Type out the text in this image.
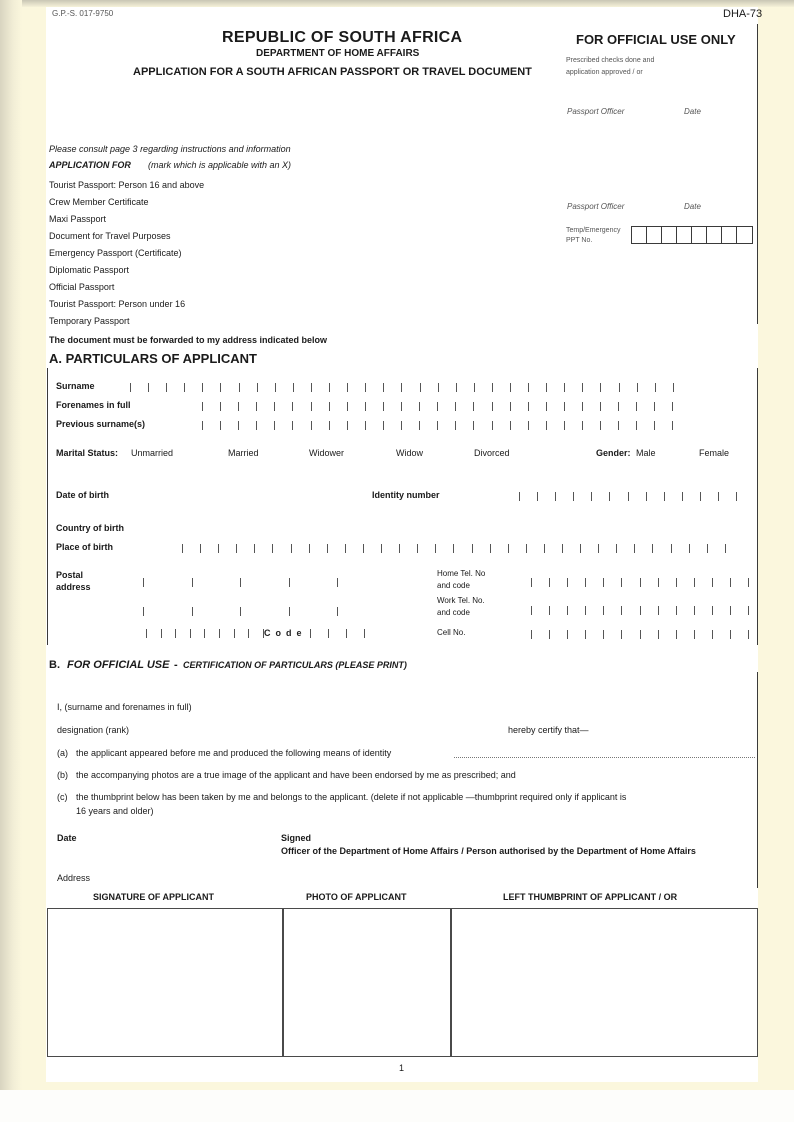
G.P.-S. 017-9750	DHA-73
REPUBLIC OF SOUTH AFRICA
DEPARTMENT OF HOME AFFAIRS
APPLICATION FOR A SOUTH AFRICAN PASSPORT OR TRAVEL DOCUMENT
FOR OFFICIAL USE ONLY
Prescribed checks done and
application approved / or
Passport Officer	Date
Passport Officer	Date
Temp/Emergency
PPT No.
Please consult page 3 regarding instructions and information
APPLICATION FOR (mark which is applicable with an X)
Tourist Passport: Person 16 and above
Crew Member Certificate
Maxi Passport
Document for Travel Purposes
Emergency Passport (Certificate)
Diplomatic Passport
Official Passport
Tourist Passport: Person under 16
Temporary Passport
The document must be forwarded to my address indicated below
A. PARTICULARS OF APPLICANT
Surname
Forenames in full
Previous surname(s)
Marital Status: Unmarried	Married	Widower	Widow	Divorced	Gender: Male	Female
Date of birth	Identity number
Country of birth
Place of birth
Postal
address
Code
Home Tel. No
and code
Work Tel. No.
and code
Cell No.
B. FOR OFFICIAL USE - CERTIFICATION OF PARTICULARS (PLEASE PRINT)
I, (surname and forenames in full)
designation (rank)	hereby certify that—
(a) the applicant appeared before me and produced the following means of identity
(b) the accompanying photos are a true image of the applicant and have been endorsed by me as prescribed; and
(c) the thumbprint below has been taken by me and belongs to the applicant. (delete if not applicable —thumbprint required only if applicant is
16 years and older)
Date	Signed
Officer of the Department of Home Affairs / Person authorised by the Department of Home Affairs
Address
SIGNATURE OF APPLICANT	PHOTO OF APPLICANT	LEFT THUMBPRINT OF APPLICANT / OR
1
